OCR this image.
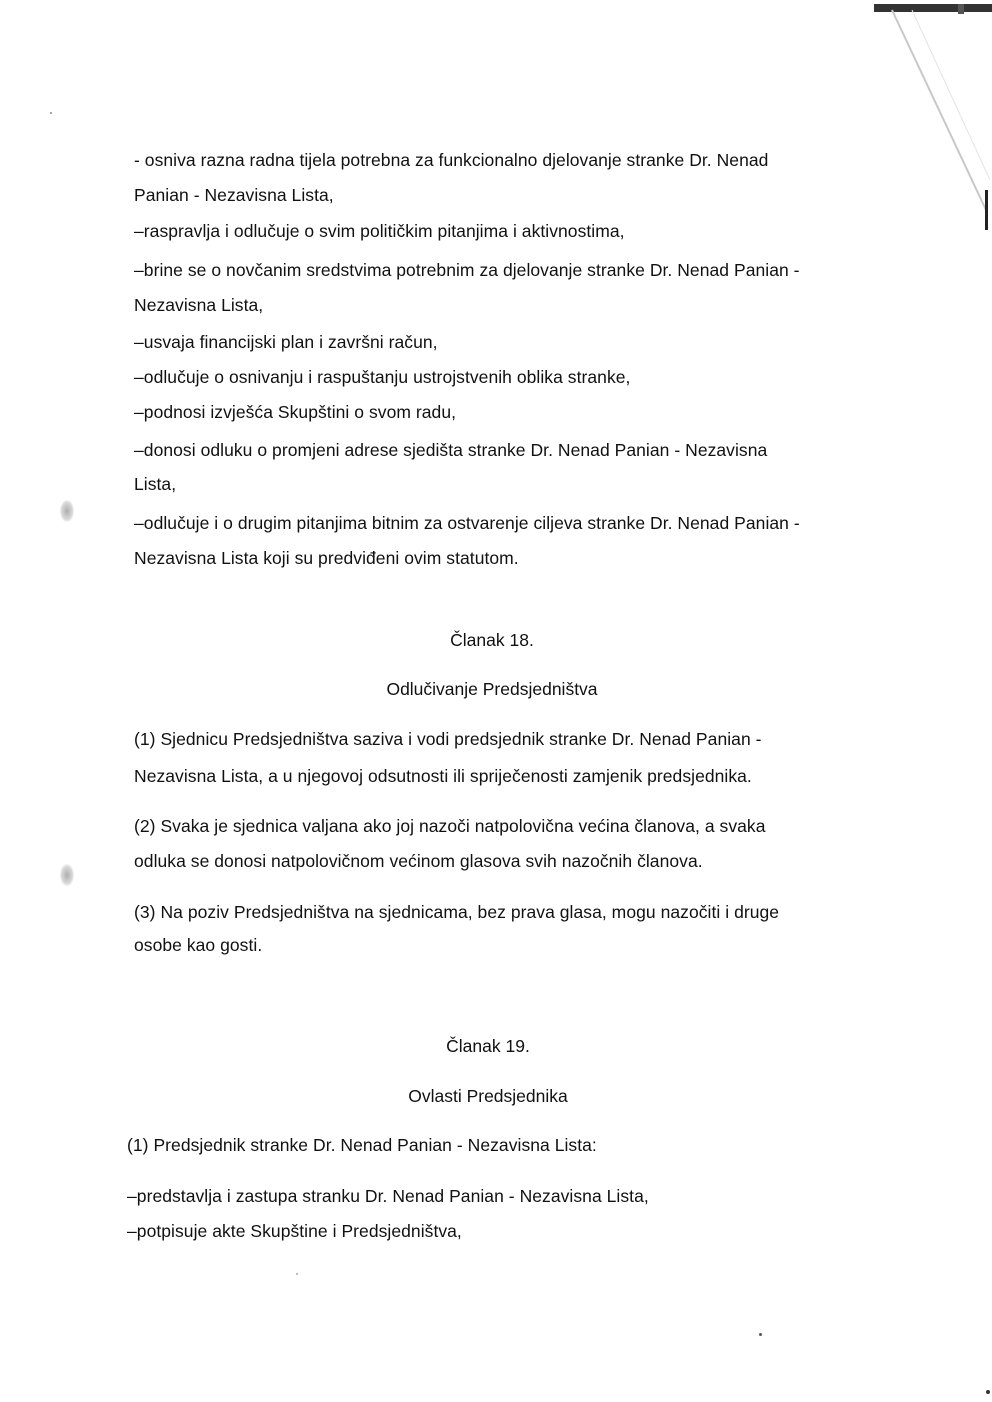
- osniva razna radna tijela potrebna za funkcionalno djelovanje stranke Dr. Nenad
Panian - Nezavisna Lista,
–raspravlja i odlučuje o svim političkim pitanjima i aktivnostima,
–brine se o novčanim sredstvima potrebnim za djelovanje stranke Dr. Nenad Panian -
Nezavisna Lista,
–usvaja financijski plan i završni račun,
–odlučuje o osnivanju i raspuštanju ustrojstvenih oblika stranke,
–podnosi izvješća Skupštini o svom radu,
–donosi odluku o promjeni adrese sjedišta stranke Dr. Nenad Panian - Nezavisna
Lista,
–odlučuje i o drugim pitanjima bitnim za ostvarenje ciljeva stranke Dr. Nenad Panian -
Nezavisna Lista koji su predviđeni ovim statutom.
Članak 18.
Odlučivanje Predsjedništva
(1) Sjednicu Predsjedništva saziva i vodi predsjednik stranke Dr. Nenad Panian -
Nezavisna Lista, a u njegovoj odsutnosti ili spriječenosti zamjenik predsjednika.
(2) Svaka je sjednica valjana ako joj nazoči natpolovična većina članova, a svaka
odluka se donosi natpolovičnom većinom glasova svih nazočnih članova.
(3) Na poziv Predsjedništva na sjednicama, bez prava glasa, mogu nazočiti i druge
osobe kao gosti.
Članak 19.
Ovlasti Predsjednika
(1) Predsjednik stranke Dr. Nenad Panian - Nezavisna Lista:
–predstavlja i zastupa stranku Dr. Nenad Panian - Nezavisna Lista,
–potpisuje akte Skupštine i Predsjedništva,
